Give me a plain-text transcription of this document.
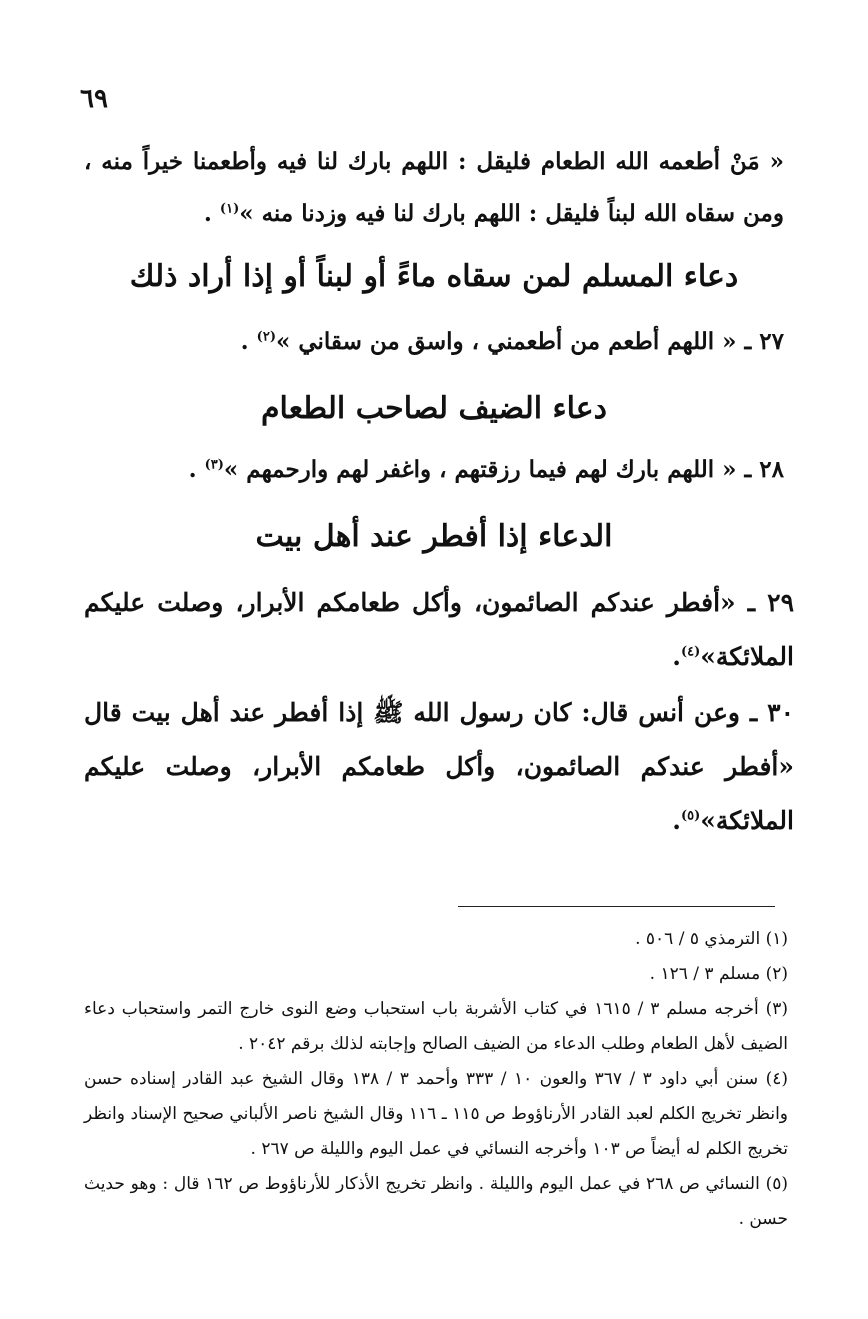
٦٩
« مَنْ أطعمه الله الطعام فليقل : اللهم بارك لنا فيه وأطعمنا خيراً منه ، ومن سقاه الله لبناً فليقل : اللهم بارك لنا فيه وزدنا منه »$^{(١)}$ .
دعاء المسلم لمن سقاه ماءً أو لبناً أو إذا أراد ذلك
٢٧ ـ « اللهم أطعم من أطعمني ، واسق من سقاني »$^{(٢)}$ .
دعاء الضيف لصاحب الطعام
٢٨ ـ « اللهم بارك لهم فيما رزقتهم ، واغفر لهم وارحمهم »$^{(٣)}$ .
الدعاء إذا أفطر عند أهل بيت
٢٩ ـ «أفطر عندكم الصائمون، وأكل طعامكم الأبرار، وصلت عليكم الملائكة»$^{(٤)}$.
٣٠ ـ وعن أنس قال: كان رسول الله ﷺ إذا أفطر عند أهل بيت قال «أفطر عندكم الصائمون، وأكل طعامكم الأبرار، وصلت عليكم الملائكة»$^{(٥)}$.

(١) الترمذي ٥ / ٥٠٦ .

(٢) مسلم ٣ / ١٢٦ .

(٣) أخرجه مسلم ٣ / ١٦١٥ في كتاب الأشربة باب استحباب وضع النوى خارج التمر واستحباب دعاء الضيف لأهل الطعام وطلب الدعاء من الضيف الصالح وإجابته لذلك برقم ٢٠٤٢ .

(٤) سنن أبي داود ٣ / ٣٦٧ والعون ١٠ / ٣٣٣ وأحمد ٣ / ١٣٨ وقال الشيخ عبد القادر إسناده حسن وانظر تخريج الكلم لعبد القادر الأرناؤوط ص ١١٥ ـ ١١٦ وقال الشيخ ناصر الألباني صحيح الإسناد وانظر تخريج الكلم له أيضاً ص ١٠٣ وأخرجه النسائي في عمل اليوم والليلة ص ٢٦٧ .

(٥) النسائي ص ٢٦٨ في عمل اليوم والليلة . وانظر تخريج الأذكار للأرناؤوط ص ١٦٢ قال : وهو حديث حسن .
